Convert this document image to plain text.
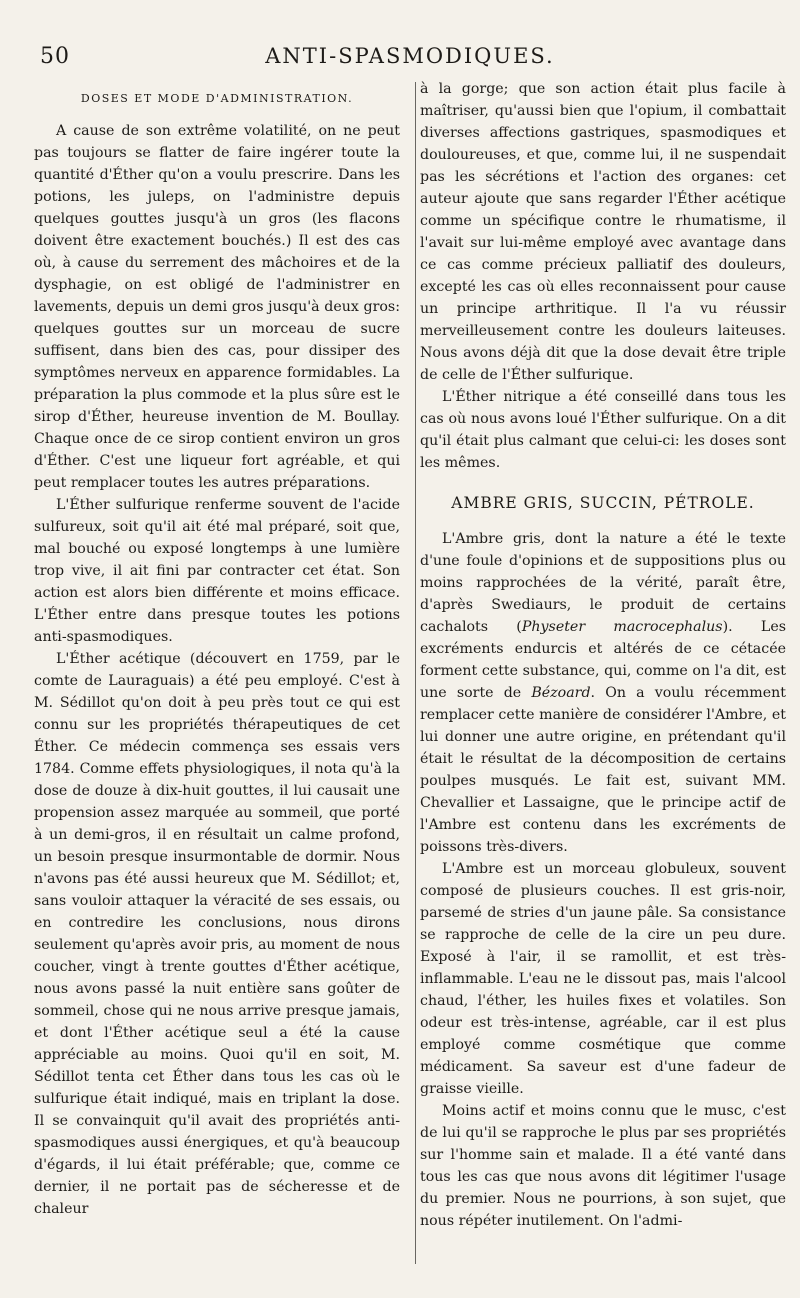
50	ANTI-SPASMODIQUES.
DOSES ET MODE D'ADMINISTRATION.

A cause de son extrême volatilité, on ne peut pas toujours se flatter de faire ingérer toute la quantité d'Éther qu'on a voulu prescrire. Dans les potions, les juleps, on l'administre depuis quelques gouttes jusqu'à un gros (les flacons doivent être exactement bouchés.) Il est des cas où, à cause du serrement des mâchoires et de la dysphagie, on est obligé de l'administrer en lavements, depuis un demi gros jusqu'à deux gros: quelques gouttes sur un morceau de sucre suffisent, dans bien des cas, pour dissiper des symptômes nerveux en apparence formidables. La préparation la plus commode et la plus sûre est le sirop d'Éther, heureuse invention de M. Boullay. Chaque once de ce sirop contient environ un gros d'Éther. C'est une liqueur fort agréable, et qui peut remplacer toutes les autres préparations.

L'Éther sulfurique renferme souvent de l'acide sulfureux, soit qu'il ait été mal préparé, soit que, mal bouché ou exposé longtemps à une lumière trop vive, il ait fini par contracter cet état. Son action est alors bien différente et moins efficace. L'Éther entre dans presque toutes les potions anti-spasmodiques.

L'Éther acétique (découvert en 1759, par le comte de Lauraguais) a été peu employé. C'est à M. Sédillot qu'on doit à peu près tout ce qui est connu sur les propriétés thérapeutiques de cet Éther. Ce médecin commença ses essais vers 1784. Comme effets physiologiques, il nota qu'à la dose de douze à dix-huit gouttes, il lui causait une propension assez marquée au sommeil, que porté à un demi-gros, il en résultait un calme profond, un besoin presque insurmontable de dormir. Nous n'avons pas été aussi heureux que M. Sédillot; et, sans vouloir attaquer la véracité de ses essais, ou en contredire les conclusions, nous dirons seulement qu'après avoir pris, au moment de nous coucher, vingt à trente gouttes d'Éther acétique, nous avons passé la nuit entière sans goûter de sommeil, chose qui ne nous arrive presque jamais, et dont l'Éther acétique seul a été la cause appréciable au moins. Quoi qu'il en soit, M. Sédillot tenta cet Éther dans tous les cas où le sulfurique était indiqué, mais en triplant la dose. Il se convainquit qu'il avait des propriétés anti-spasmodiques aussi énergiques, et qu'à beaucoup d'égards, il lui était préférable; que, comme ce dernier, il ne portait pas de sécheresse et de chaleur

à la gorge; que son action était plus facile à maîtriser, qu'aussi bien que l'opium, il combattait diverses affections gastriques, spasmodiques et douloureuses, et que, comme lui, il ne suspendait pas les sécrétions et l'action des organes: cet auteur ajoute que sans regarder l'Éther acétique comme un spécifique contre le rhumatisme, il l'avait sur lui-même employé avec avantage dans ce cas comme précieux palliatif des douleurs, excepté les cas où elles reconnaissent pour cause un principe arthritique. Il l'a vu réussir merveilleusement contre les douleurs laiteuses. Nous avons déjà dit que la dose devait être triple de celle de l'Éther sulfurique.

L'Éther nitrique a été conseillé dans tous les cas où nous avons loué l'Éther sulfurique. On a dit qu'il était plus calmant que celui-ci: les doses sont les mêmes.

AMBRE GRIS, SUCCIN, PÉTROLE.

L'Ambre gris, dont la nature a été le texte d'une foule d'opinions et de suppositions plus ou moins rapprochées de la vérité, paraît être, d'après Swediaurs, le produit de certains cachalots (Physeter macrocephalus). Les excréments endurcis et altérés de ce cétacée forment cette substance, qui, comme on l'a dit, est une sorte de Bézoard. On a voulu récemment remplacer cette manière de considérer l'Ambre, et lui donner une autre origine, en prétendant qu'il était le résultat de la décomposition de certains poulpes musqués. Le fait est, suivant MM. Chevallier et Lassaigne, que le principe actif de l'Ambre est contenu dans les excréments de poissons très-divers.

L'Ambre est un morceau globuleux, souvent composé de plusieurs couches. Il est gris-noir, parsemé de stries d'un jaune pâle. Sa consistance se rapproche de celle de la cire un peu dure. Exposé à l'air, il se ramollit, et est très-inflammable. L'eau ne le dissout pas, mais l'alcool chaud, l'éther, les huiles fixes et volatiles. Son odeur est très-intense, agréable, car il est plus employé comme cosmétique que comme médicament. Sa saveur est d'une fadeur de graisse vieille.

Moins actif et moins connu que le musc, c'est de lui qu'il se rapproche le plus par ses propriétés sur l'homme sain et malade. Il a été vanté dans tous les cas que nous avons dit légitimer l'usage du premier. Nous ne pourrions, à son sujet, que nous répéter inutilement. On l'admi-
